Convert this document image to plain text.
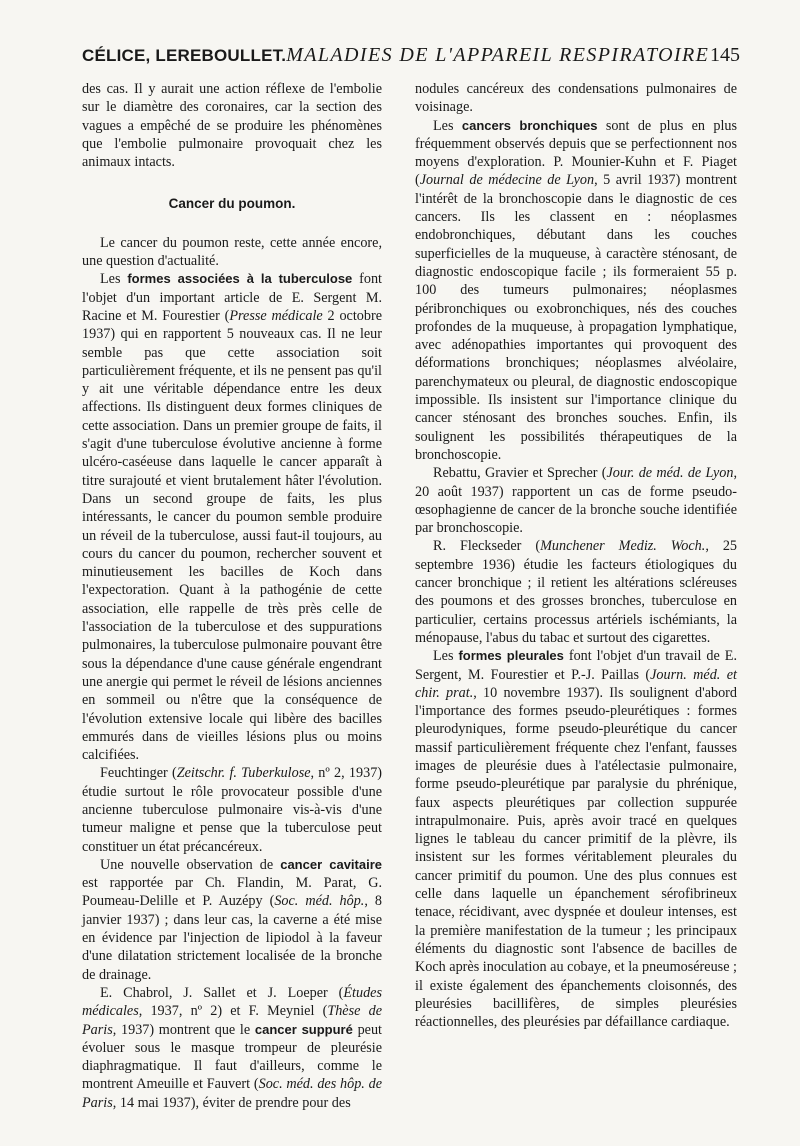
CÉLICE, LEREBOULLET. MALADIES DE L'APPAREIL RESPIRATOIRE 145

des cas. Il y aurait une action réflexe de l'embolie sur le diamètre des coronaires, car la section des vagues a empêché de se produire les phénomènes que l'embolie pulmonaire provoquait chez les animaux intacts.

Cancer du poumon.

Le cancer du poumon reste, cette année encore, une question d'actualité.

Les formes associées à la tuberculose font l'objet d'un important article de E. Sergent M. Racine et M. Fourestier (Presse médicale 2 octobre 1937) qui en rapportent 5 nouveaux cas. Il ne leur semble pas que cette association soit particulièrement fréquente, et ils ne pensent pas qu'il y ait une véritable dépendance entre les deux affections. Ils distinguent deux formes cliniques de cette association. Dans un premier groupe de faits, il s'agit d'une tuberculose évolutive ancienne à forme ulcéro-caséeuse dans laquelle le cancer apparaît à titre surajouté et vient brutalement hâter l'évolution. Dans un second groupe de faits, les plus intéressants, le cancer du poumon semble produire un réveil de la tuberculose, aussi faut-il toujours, au cours du cancer du poumon, rechercher souvent et minutieusement les bacilles de Koch dans l'expectoration. Quant à la pathogénie de cette association, elle rappelle de très près celle de l'association de la tuberculose et des suppurations pulmonaires, la tuberculose pulmonaire pouvant être sous la dépendance d'une cause générale engendrant une anergie qui permet le réveil de lésions anciennes en sommeil ou n'être que la conséquence de l'évolution extensive locale qui libère des bacilles emmurés dans de vieilles lésions plus ou moins calcifiées.

Feuchtinger (Zeitschr. f. Tuberkulose, nº 2, 1937) étudie surtout le rôle provocateur possible d'une ancienne tuberculose pulmonaire vis-à-vis d'une tumeur maligne et pense que la tuberculose peut constituer un état précancéreux.

Une nouvelle observation de cancer cavitaire est rapportée par Ch. Flandin, M. Parat, G. Poumeau-Delille et P. Auzépy (Soc. méd. hôp., 8 janvier 1937) ; dans leur cas, la caverne a été mise en évidence par l'injection de lipiodol à la faveur d'une dilatation strictement localisée de la bronche de drainage.

E. Chabrol, J. Sallet et J. Loeper (Études médicales, 1937, nº 2) et F. Meyniel (Thèse de Paris, 1937) montrent que le cancer suppuré peut évoluer sous le masque trompeur de pleurésie diaphragmatique. Il faut d'ailleurs, comme le montrent Ameuille et Fauvert (Soc. méd. des hôp. de Paris, 14 mai 1937), éviter de prendre pour des

nodules cancéreux des condensations pulmonaires de voisinage.

Les cancers bronchiques sont de plus en plus fréquemment observés depuis que se perfectionnent nos moyens d'exploration. P. Mounier-Kuhn et F. Piaget (Journal de médecine de Lyon, 5 avril 1937) montrent l'intérêt de la bronchoscopie dans le diagnostic de ces cancers. Ils les classent en : néoplasmes endobronchiques, débutant dans les couches superficielles de la muqueuse, à caractère sténosant, de diagnostic endoscopique facile ; ils formeraient 55 p. 100 des tumeurs pulmonaires; néoplasmes péribronchiques ou exobronchiques, nés des couches profondes de la muqueuse, à propagation lymphatique, avec adénopathies importantes qui provoquent des déformations bronchiques; néoplasmes alvéolaire, parenchymateux ou pleural, de diagnostic endoscopique impossible. Ils insistent sur l'importance clinique du cancer sténosant des bronches souches. Enfin, ils soulignent les possibilités thérapeutiques de la bronchoscopie.

Rebattu, Gravier et Sprecher (Jour. de méd. de Lyon, 20 août 1937) rapportent un cas de forme pseudo-œsophagienne de cancer de la bronche souche identifiée par bronchoscopie.

R. Fleckseder (Munchener Mediz. Woch., 25 septembre 1936) étudie les facteurs étiologiques du cancer bronchique ; il retient les altérations scléreuses des poumons et des grosses bronches, tuberculose en particulier, certains processus artériels ischémiants, la ménopause, l'abus du tabac et surtout des cigarettes.

Les formes pleurales font l'objet d'un travail de E. Sergent, M. Fourestier et P.-J. Paillas (Journ. méd. et chir. prat., 10 novembre 1937). Ils soulignent d'abord l'importance des formes pseudo-pleurétiques : formes pleurodyniques, forme pseudo-pleurétique du cancer massif particulièrement fréquente chez l'enfant, fausses images de pleurésie dues à l'atélectasie pulmonaire, forme pseudo-pleurétique par paralysie du phrénique, faux aspects pleurétiques par collection suppurée intrapulmonaire. Puis, après avoir tracé en quelques lignes le tableau du cancer primitif de la plèvre, ils insistent sur les formes véritablement pleurales du cancer primitif du poumon. Une des plus connues est celle dans laquelle un épanchement sérofibrineux tenace, récidivant, avec dyspnée et douleur intenses, est la première manifestation de la tumeur ; les principaux éléments du diagnostic sont l'absence de bacilles de Koch après inoculation au cobaye, et la pneumoséreuse ; il existe également des épanchements cloisonnés, des pleurésies bacillifères, de simples pleurésies réactionnelles, des pleurésies par défaillance cardiaque.
